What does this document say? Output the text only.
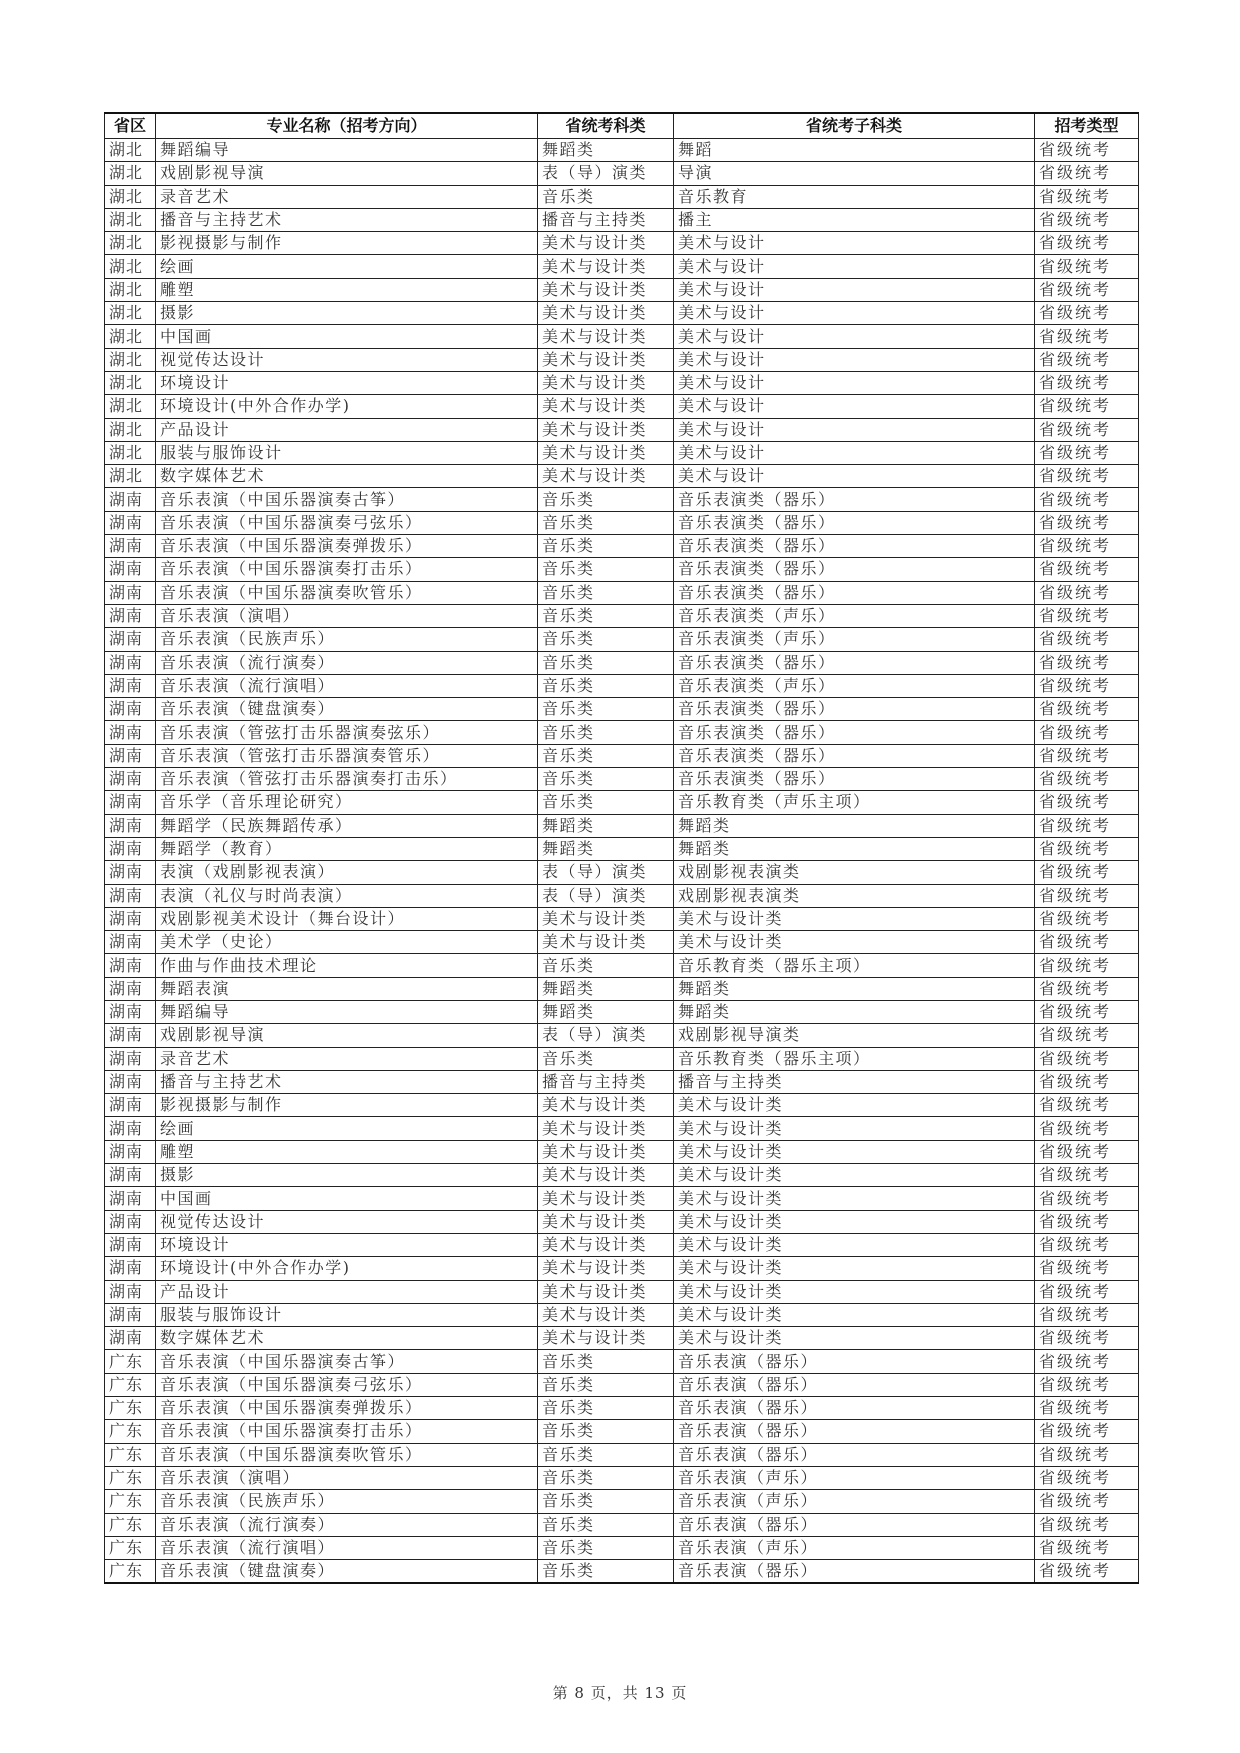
省区	专业名称（招考方向）	省统考科类	省统考子科类	招考类型
湖北	舞蹈编导	舞蹈类	舞蹈	省级统考
湖北	戏剧影视导演	表（导）演类	导演	省级统考
湖北	录音艺术	音乐类	音乐教育	省级统考
湖北	播音与主持艺术	播音与主持类	播主	省级统考
湖北	影视摄影与制作	美术与设计类	美术与设计	省级统考
湖北	绘画	美术与设计类	美术与设计	省级统考
湖北	雕塑	美术与设计类	美术与设计	省级统考
湖北	摄影	美术与设计类	美术与设计	省级统考
湖北	中国画	美术与设计类	美术与设计	省级统考
湖北	视觉传达设计	美术与设计类	美术与设计	省级统考
湖北	环境设计	美术与设计类	美术与设计	省级统考
湖北	环境设计(中外合作办学)	美术与设计类	美术与设计	省级统考
湖北	产品设计	美术与设计类	美术与设计	省级统考
湖北	服装与服饰设计	美术与设计类	美术与设计	省级统考
湖北	数字媒体艺术	美术与设计类	美术与设计	省级统考
湖南	音乐表演（中国乐器演奏古筝）	音乐类	音乐表演类（器乐）	省级统考
湖南	音乐表演（中国乐器演奏弓弦乐）	音乐类	音乐表演类（器乐）	省级统考
湖南	音乐表演（中国乐器演奏弹拨乐）	音乐类	音乐表演类（器乐）	省级统考
湖南	音乐表演（中国乐器演奏打击乐）	音乐类	音乐表演类（器乐）	省级统考
湖南	音乐表演（中国乐器演奏吹管乐）	音乐类	音乐表演类（器乐）	省级统考
湖南	音乐表演（演唱）	音乐类	音乐表演类（声乐）	省级统考
湖南	音乐表演（民族声乐）	音乐类	音乐表演类（声乐）	省级统考
湖南	音乐表演（流行演奏）	音乐类	音乐表演类（器乐）	省级统考
湖南	音乐表演（流行演唱）	音乐类	音乐表演类（声乐）	省级统考
湖南	音乐表演（键盘演奏）	音乐类	音乐表演类（器乐）	省级统考
湖南	音乐表演（管弦打击乐器演奏弦乐）	音乐类	音乐表演类（器乐）	省级统考
湖南	音乐表演（管弦打击乐器演奏管乐）	音乐类	音乐表演类（器乐）	省级统考
湖南	音乐表演（管弦打击乐器演奏打击乐）	音乐类	音乐表演类（器乐）	省级统考
湖南	音乐学（音乐理论研究）	音乐类	音乐教育类（声乐主项）	省级统考
湖南	舞蹈学（民族舞蹈传承）	舞蹈类	舞蹈类	省级统考
湖南	舞蹈学（教育）	舞蹈类	舞蹈类	省级统考
湖南	表演（戏剧影视表演）	表（导）演类	戏剧影视表演类	省级统考
湖南	表演（礼仪与时尚表演）	表（导）演类	戏剧影视表演类	省级统考
湖南	戏剧影视美术设计（舞台设计）	美术与设计类	美术与设计类	省级统考
湖南	美术学（史论）	美术与设计类	美术与设计类	省级统考
湖南	作曲与作曲技术理论	音乐类	音乐教育类（器乐主项）	省级统考
湖南	舞蹈表演	舞蹈类	舞蹈类	省级统考
湖南	舞蹈编导	舞蹈类	舞蹈类	省级统考
湖南	戏剧影视导演	表（导）演类	戏剧影视导演类	省级统考
湖南	录音艺术	音乐类	音乐教育类（器乐主项）	省级统考
湖南	播音与主持艺术	播音与主持类	播音与主持类	省级统考
湖南	影视摄影与制作	美术与设计类	美术与设计类	省级统考
湖南	绘画	美术与设计类	美术与设计类	省级统考
湖南	雕塑	美术与设计类	美术与设计类	省级统考
湖南	摄影	美术与设计类	美术与设计类	省级统考
湖南	中国画	美术与设计类	美术与设计类	省级统考
湖南	视觉传达设计	美术与设计类	美术与设计类	省级统考
湖南	环境设计	美术与设计类	美术与设计类	省级统考
湖南	环境设计(中外合作办学)	美术与设计类	美术与设计类	省级统考
湖南	产品设计	美术与设计类	美术与设计类	省级统考
湖南	服装与服饰设计	美术与设计类	美术与设计类	省级统考
湖南	数字媒体艺术	美术与设计类	美术与设计类	省级统考
广东	音乐表演（中国乐器演奏古筝）	音乐类	音乐表演（器乐）	省级统考
广东	音乐表演（中国乐器演奏弓弦乐）	音乐类	音乐表演（器乐）	省级统考
广东	音乐表演（中国乐器演奏弹拨乐）	音乐类	音乐表演（器乐）	省级统考
广东	音乐表演（中国乐器演奏打击乐）	音乐类	音乐表演（器乐）	省级统考
广东	音乐表演（中国乐器演奏吹管乐）	音乐类	音乐表演（器乐）	省级统考
广东	音乐表演（演唱）	音乐类	音乐表演（声乐）	省级统考
广东	音乐表演（民族声乐）	音乐类	音乐表演（声乐）	省级统考
广东	音乐表演（流行演奏）	音乐类	音乐表演（器乐）	省级统考
广东	音乐表演（流行演唱）	音乐类	音乐表演（声乐）	省级统考
广东	音乐表演（键盘演奏）	音乐类	音乐表演（器乐）	省级统考
第 8 页，共 13 页
